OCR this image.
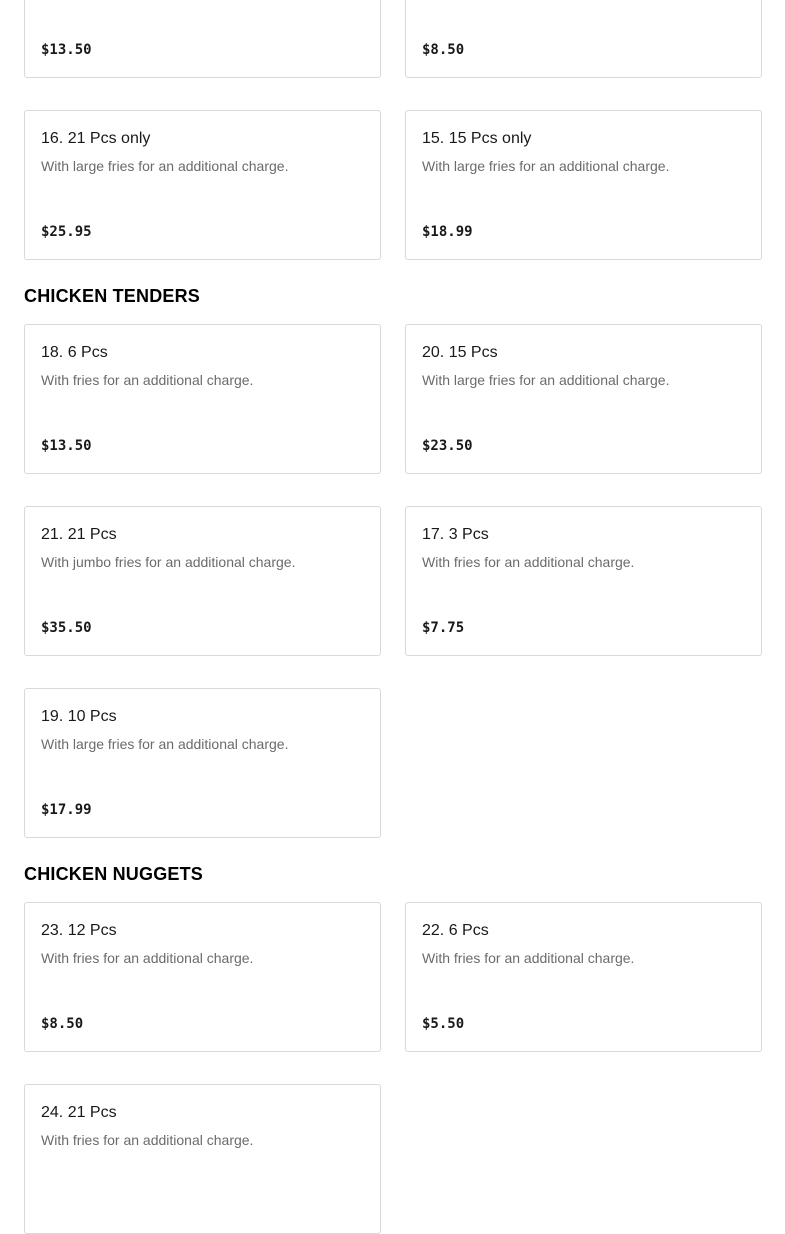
$13.50	$8.50
16. 21 Pcs only
With large fries for an additional charge.
$25.95
15. 15 Pcs only
With large fries for an additional charge.
$18.99
CHICKEN TENDERS
18. 6 Pcs
With fries for an additional charge.
$13.50
20. 15 Pcs
With large fries for an additional charge.
$23.50
21. 21 Pcs
With jumbo fries for an additional charge.
$35.50
17. 3 Pcs
With fries for an additional charge.
$7.75
19. 10 Pcs
With large fries for an additional charge.
$17.99
CHICKEN NUGGETS
23. 12 Pcs
With fries for an additional charge.
$8.50
22. 6 Pcs
With fries for an additional charge.
$5.50
24. 21 Pcs
With fries for an additional charge.
